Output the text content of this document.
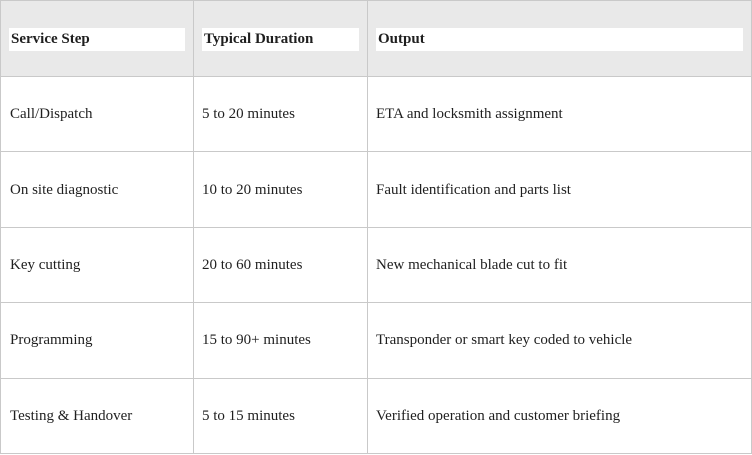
Service Step	Typical Duration	Output

Call/Dispatch	5 to 20 minutes	ETA and locksmith assignment
On site diagnostic	10 to 20 minutes	Fault identification and parts list
Key cutting	20 to 60 minutes	New mechanical blade cut to fit
Programming	15 to 90+ minutes	Transponder or smart key coded to vehicle
Testing & Handover	5 to 15 minutes	Verified operation and customer briefing
